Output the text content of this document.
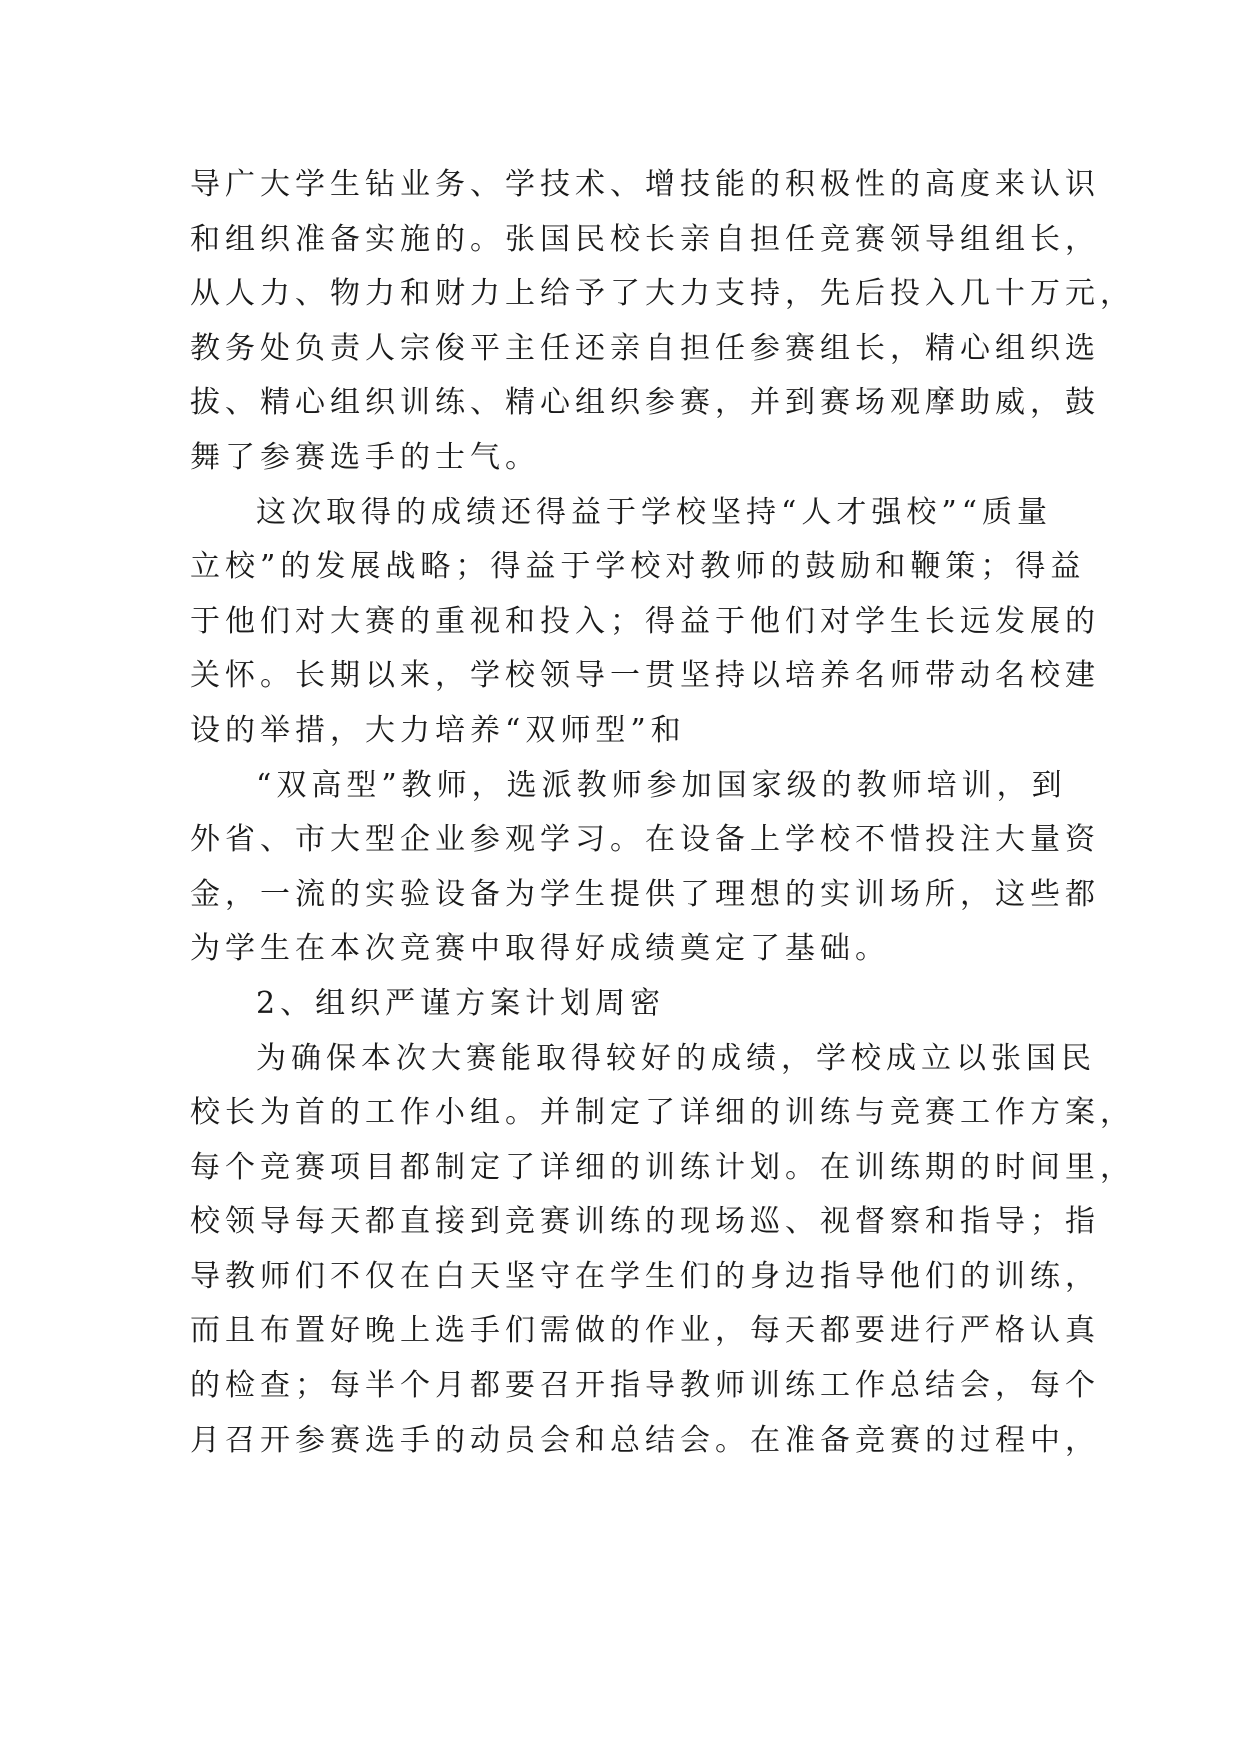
导广大学生钻业务、学技术、增技能的积极性的高度来认识
和组织准备实施的。张国民校长亲自担任竞赛领导组组长，
从人力、物力和财力上给予了大力支持，先后投入几十万元，
教务处负责人宗俊平主任还亲自担任参赛组长，精心组织选
拔、精心组织训练、精心组织参赛，并到赛场观摩助威，鼓
舞了参赛选手的士气。
这次取得的成绩还得益于学校坚持“人才强校”“质量
立校”的发展战略；得益于学校对教师的鼓励和鞭策；得益
于他们对大赛的重视和投入；得益于他们对学生长远发展的
关怀。长期以来，学校领导一贯坚持以培养名师带动名校建
设的举措，大力培养“双师型”和
“双高型”教师，选派教师参加国家级的教师培训，到
外省、市大型企业参观学习。在设备上学校不惜投注大量资
金，一流的实验设备为学生提供了理想的实训场所，这些都
为学生在本次竞赛中取得好成绩奠定了基础。
2、组织严谨方案计划周密
为确保本次大赛能取得较好的成绩，学校成立以张国民
校长为首的工作小组。并制定了详细的训练与竞赛工作方案，
每个竞赛项目都制定了详细的训练计划。在训练期的时间里，
校领导每天都直接到竞赛训练的现场巡、视督察和指导；指
导教师们不仅在白天坚守在学生们的身边指导他们的训练，
而且布置好晚上选手们需做的作业，每天都要进行严格认真
的检查；每半个月都要召开指导教师训练工作总结会，每个
月召开参赛选手的动员会和总结会。在准备竞赛的过程中，
